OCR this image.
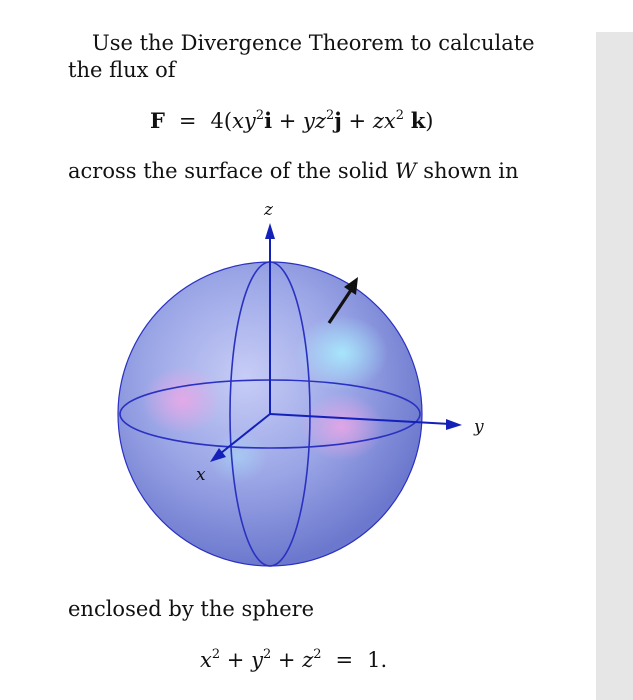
Use the Divergence Theorem to calculate
the flux of

$F = 4(xy^2i + yz^2j + zx^2$ k)

across the surface of the solid W shown in

z
y
x

enclosed by the sphere

$x^2 + y^2 + z^2 = 1$.
